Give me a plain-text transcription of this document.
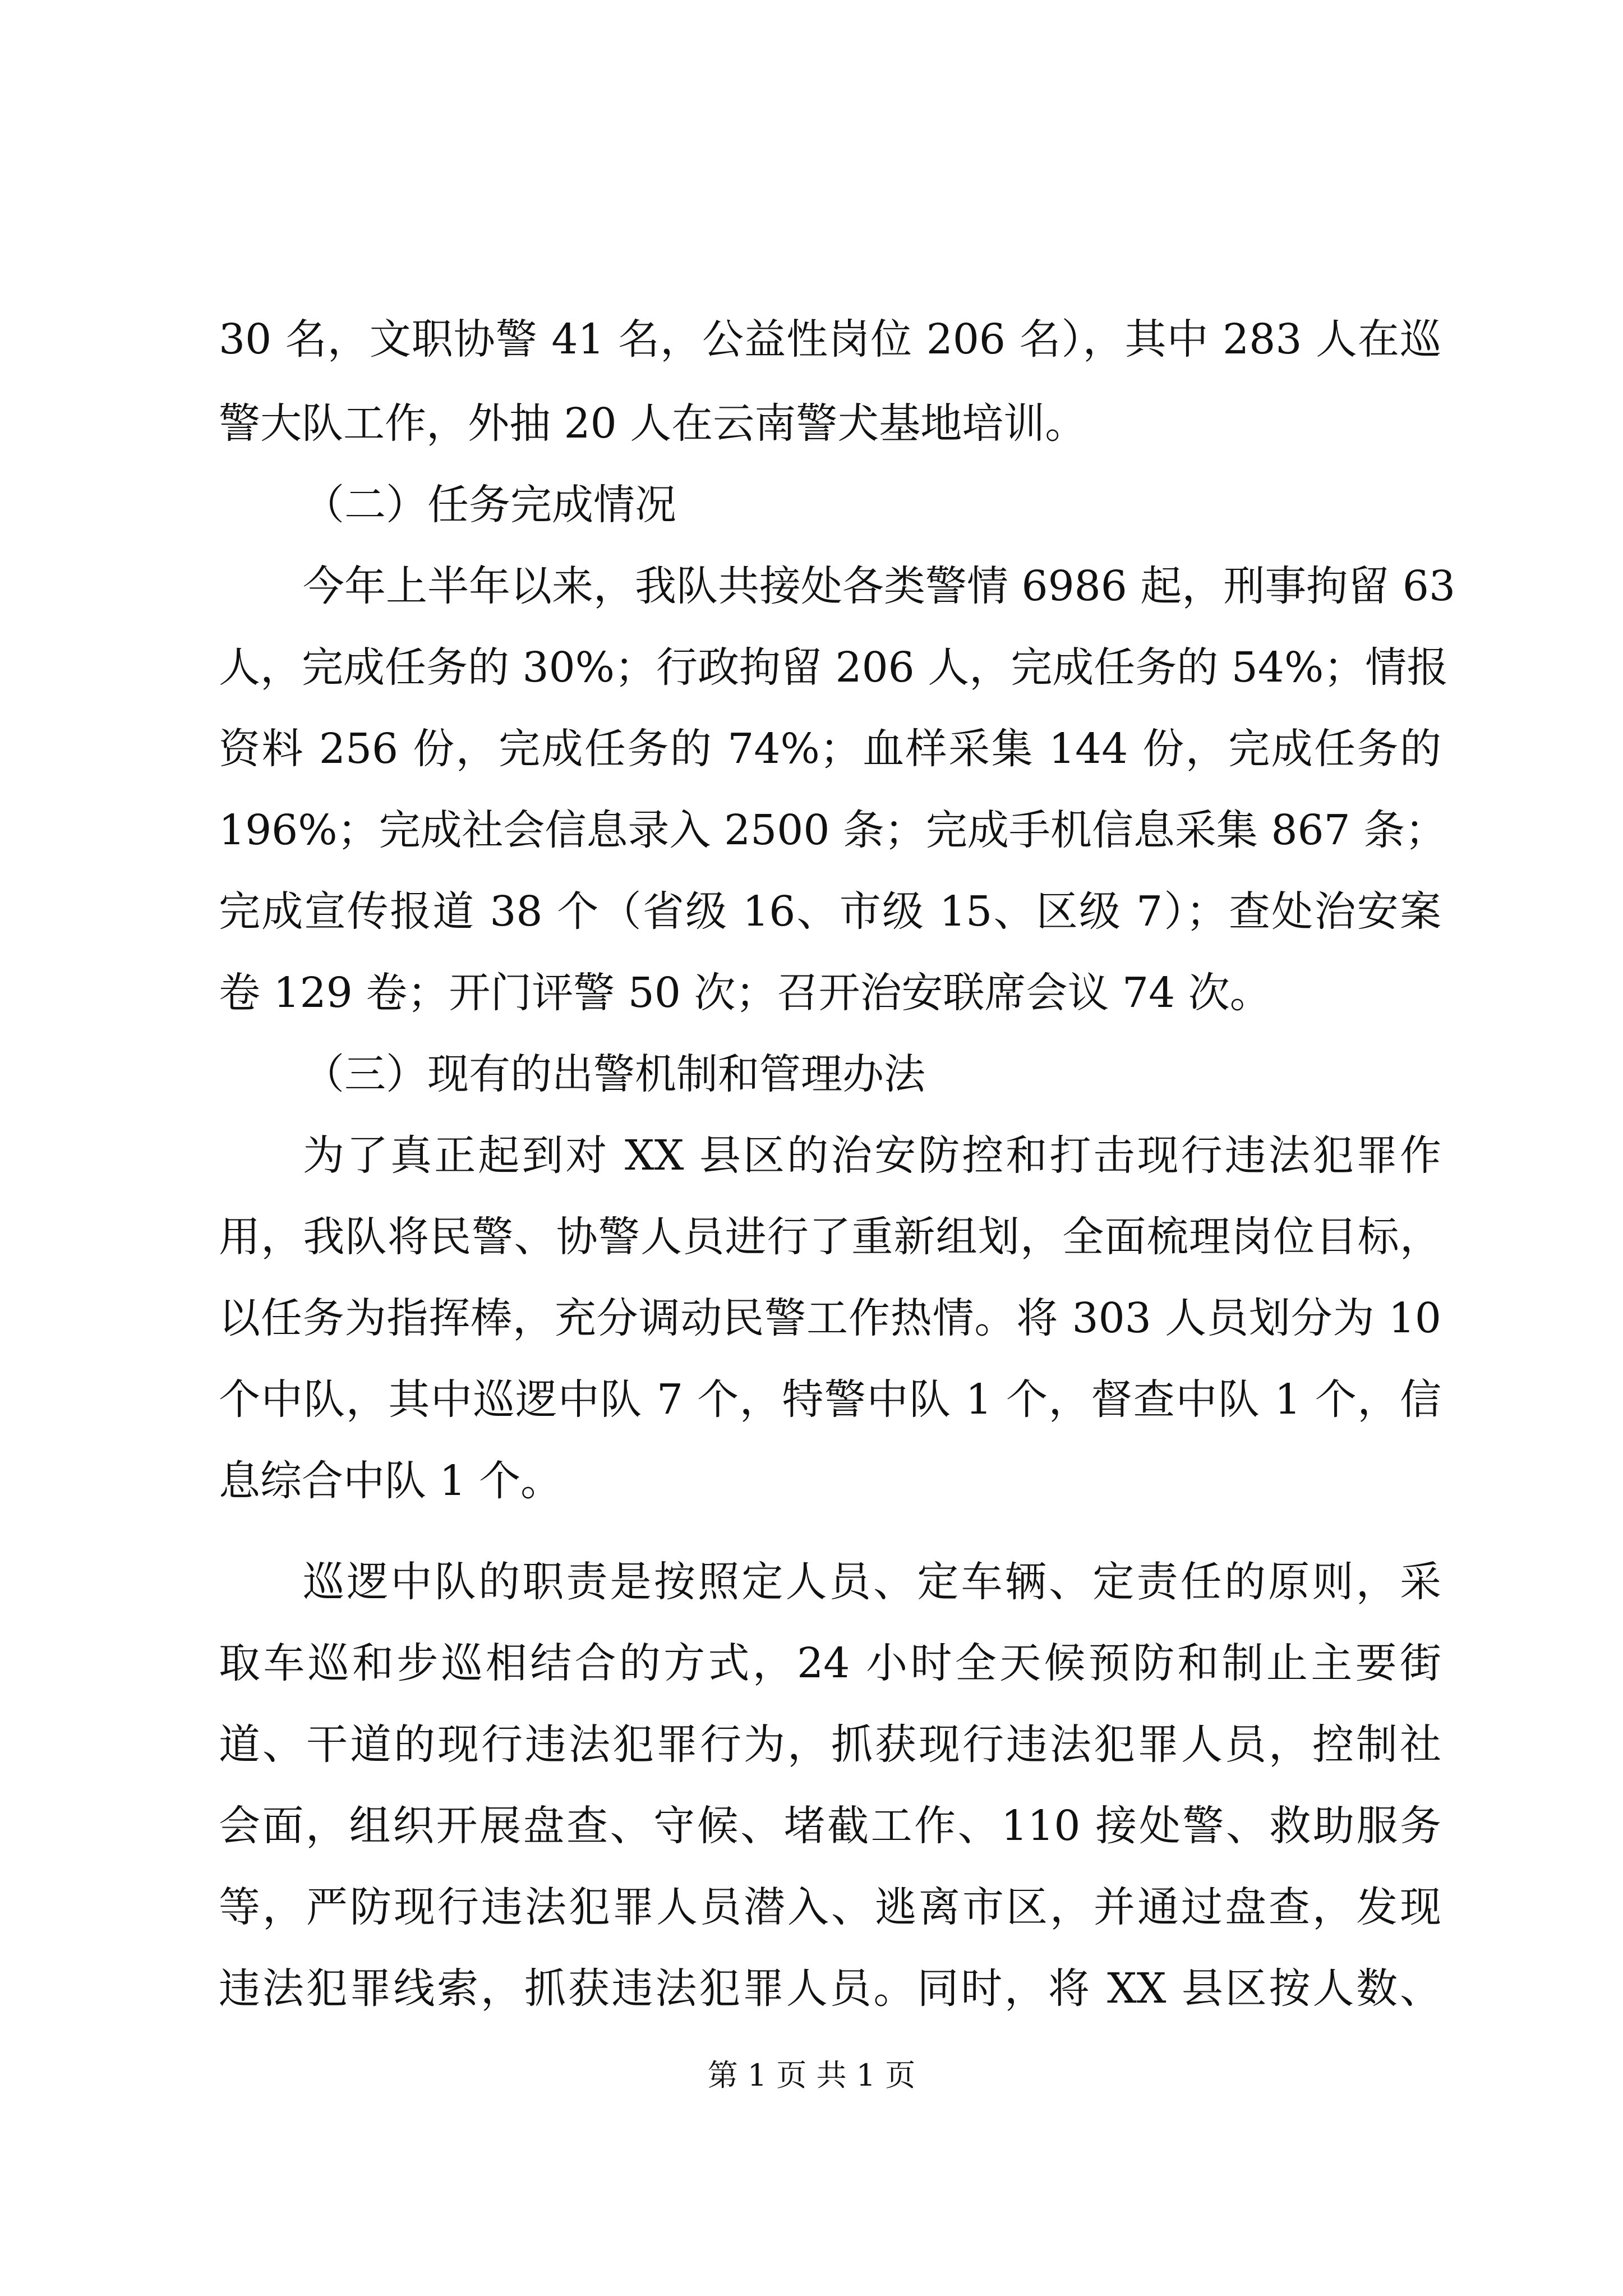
30 名，文职协警 41 名，公益性岗位 206 名），其中 283 人在巡
警大队工作，外抽 20 人在云南警犬基地培训。
（二）任务完成情况
今年上半年以来，我队共接处各类警情 6986 起，刑事拘留 63
人，完成任务的 30%；行政拘留 206 人，完成任务的 54%；情报
资料 256 份，完成任务的 74%；血样采集 144 份，完成任务的
196%；完成社会信息录入 2500 条；完成手机信息采集 867 条；
完成宣传报道 38 个（省级 16、市级 15、区级 7）；查处治安案
卷 129 卷；开门评警 50 次；召开治安联席会议 74 次。
（三）现有的出警机制和管理办法
为了真正起到对 XX 县区的治安防控和打击现行违法犯罪作
用，我队将民警、协警人员进行了重新组划，全面梳理岗位目标，
以任务为指挥棒，充分调动民警工作热情。将 303 人员划分为 10
个中队，其中巡逻中队 7 个，特警中队 1 个，督查中队 1 个，信
息综合中队 1 个。
巡逻中队的职责是按照定人员、定车辆、定责任的原则，采
取车巡和步巡相结合的方式，24 小时全天候预防和制止主要街
道、干道的现行违法犯罪行为，抓获现行违法犯罪人员，控制社
会面，组织开展盘查、守候、堵截工作、110 接处警、救助服务
等，严防现行违法犯罪人员潜入、逃离市区，并通过盘查，发现
违法犯罪线索，抓获违法犯罪人员。同时，将 XX 县区按人数、
第 1 页 共 1 页
